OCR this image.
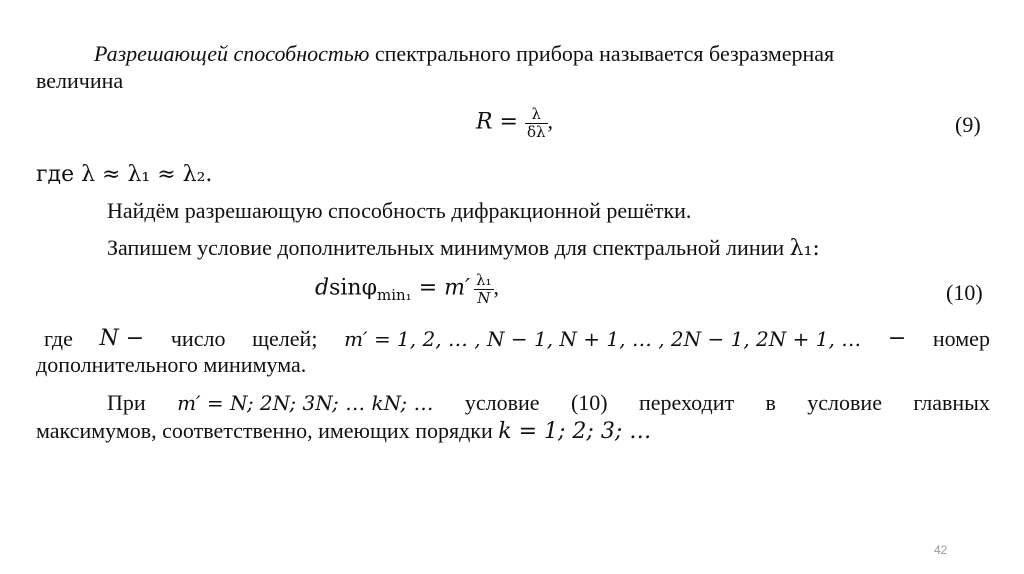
Разрешающей способностью спектрального прибора называется безразмерная
величина
$R = \frac{\lambda}{\delta\lambda}$ ,	(9)
где λ ≈ λ₁ ≈ λ₂.
Найдём разрешающую способность дифракционной решётки.
Запишем условие дополнительных минимумов для спектральной линии λ₁:
$dsin\varphi_{min_1} = m' \frac{\text{λ₁}}{N}$ ,	(10)
где N − число щелей; m′ = 1, 2, … , N − 1, N + 1, … , 2N − 1, 2N + 1, … − номер
дополнительного минимума.
При m′ = N; 2N; 3N; … kN; … условие (10) переходит в условие главных
максимумов, соответственно, имеющих порядки k = 1; 2; 3; …
42
